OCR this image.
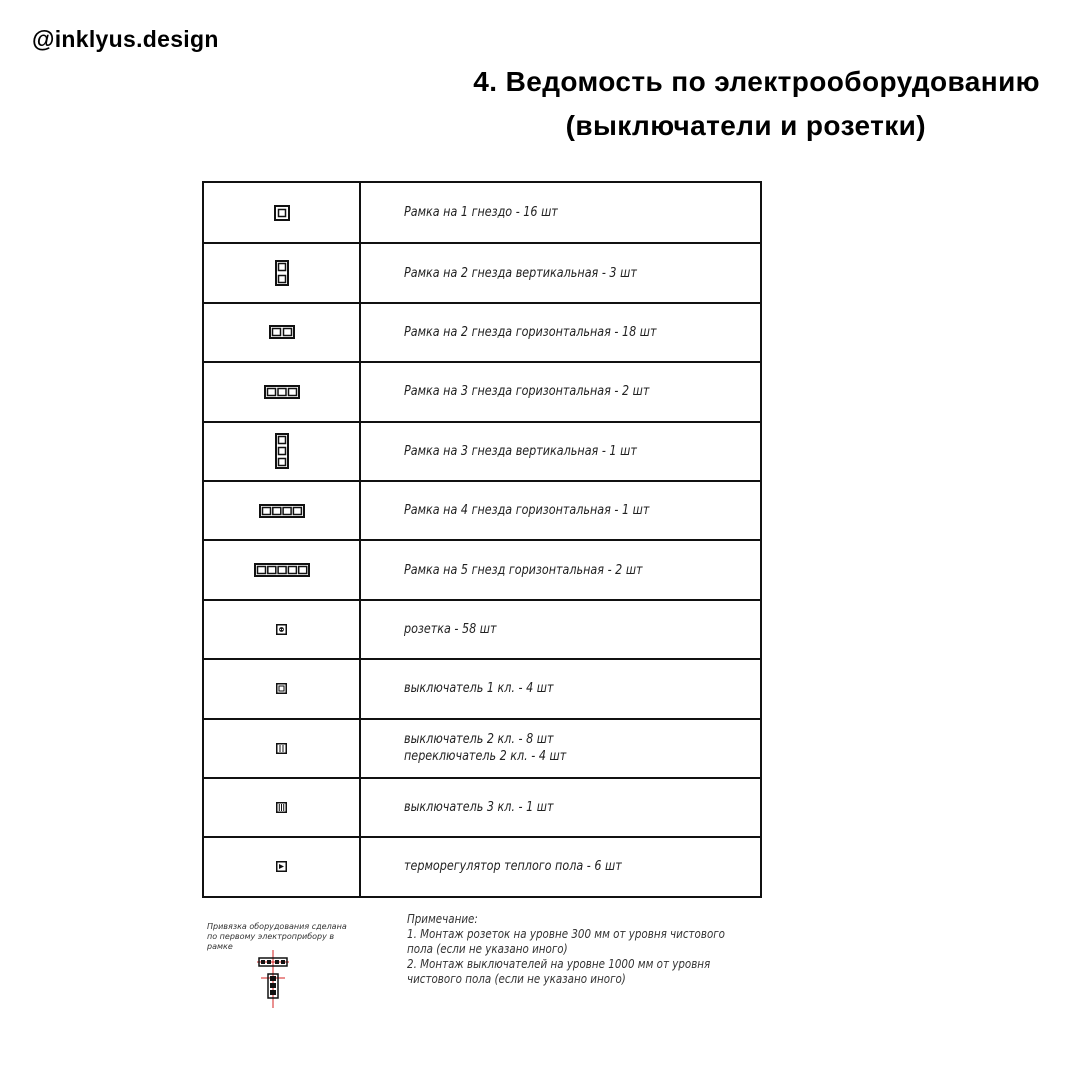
@inklyus.design
4. Ведомость по электрооборудованию
(выключатели и розетки)
Рамка на 1 гнездо - 16 шт
Рамка на 2 гнезда вертикальная - 3 шт
Рамка на 2 гнезда горизонтальная - 18 шт
Рамка на 3 гнезда горизонтальная - 2 шт
Рамка на 3 гнезда вертикальная - 1 шт
Рамка на 4 гнезда горизонтальная - 1 шт
Рамка на 5 гнезд горизонтальная - 2 шт
розетка - 58 шт
выключатель 1 кл. - 4 шт
выключатель 2 кл. - 8 шт
переключатель 2 кл. - 4 шт
выключатель 3 кл. - 1 шт
терморегулятор теплого пола - 6 шт
Привязка оборудования сделана по первому электроприбору в рамке
Примечание:
1. Монтаж розеток на уровне 300 мм от уровня чистового
пола (если не указано иного)
2. Монтаж выключателей на уровне 1000 мм от уровня
чистового пола (если не указано иного)
